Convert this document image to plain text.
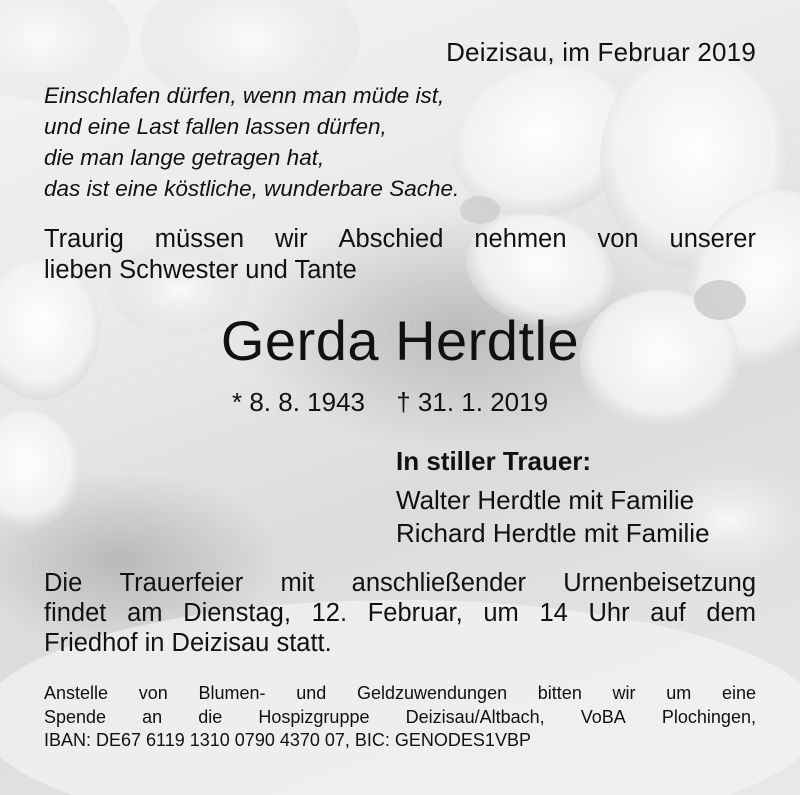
Deizisau, im Februar 2019
Einschlafen dürfen, wenn man müde ist,
und eine Last fallen lassen dürfen,
die man lange getragen hat,
das ist eine köstliche, wunderbare Sache.
Traurig müssen wir Abschied nehmen von unserer
lieben Schwester und Tante
Gerda Herdtle
* 8. 8. 1943 † 31. 1. 2019
In stiller Trauer:
Walter Herdtle mit Familie
Richard Herdtle mit Familie
Die Trauerfeier mit anschließender Urnenbeisetzung
findet am Dienstag, 12. Februar, um 14 Uhr auf dem
Friedhof in Deizisau statt.
Anstelle von Blumen- und Geldzuwendungen bitten wir um eine
Spende an die Hospizgruppe Deizisau/Altbach, VoBA Plochingen,
IBAN: DE67 6119 1310 0790 4370 07, BIC: GENODES1VBP
